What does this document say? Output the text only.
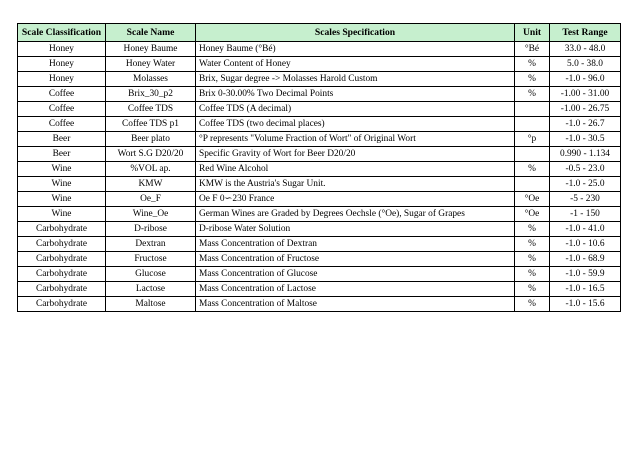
Scale Classification	Scale Name	Scales Specification	Unit	Test Range
Honey	Honey Baume	Honey Baume (°Bé)	°Bé	33.0 - 48.0
Honey	Honey Water	Water Content of Honey	%	5.0 - 38.0
Honey	Molasses	Brix, Sugar degree -> Molasses Harold Custom	%	-1.0 - 96.0
Coffee	Brix_30_p2	Brix 0-30.00% Two Decimal Points	%	-1.00 - 31.00
Coffee	Coffee TDS	Coffee TDS (A decimal)		-1.00 - 26.75
Coffee	Coffee TDS p1	Coffee TDS (two decimal places)		-1.0 - 26.7
Beer	Beer plato	°P represents "Volume Fraction of Wort" of Original Wort	°p	-1.0 - 30.5
Beer	Wort S.G D20/20	Specific Gravity of Wort for Beer D20/20		0.990 - 1.134
Wine	%VOL ap.	Red Wine Alcohol	%	-0.5 - 23.0
Wine	KMW	KMW is the Austria's Sugar Unit.		-1.0 - 25.0
Wine	Oe_F	Oe F 0∽230 France	°Oe	-5 - 230
Wine	Wine_Oe	German Wines are Graded by Degrees Oechsle (°Oe), Sugar of Grapes	°Oe	-1 - 150
Carbohydrate	D-ribose	D-ribose Water Solution	%	-1.0 - 41.0
Carbohydrate	Dextran	Mass Concentration of Dextran	%	-1.0 - 10.6
Carbohydrate	Fructose	Mass Concentration of Fructose	%	-1.0 - 68.9
Carbohydrate	Glucose	Mass Concentration of Glucose	%	-1.0 - 59.9
Carbohydrate	Lactose	Mass Concentration of Lactose	%	-1.0 - 16.5
Carbohydrate	Maltose	Mass Concentration of Maltose	%	-1.0 - 15.6
